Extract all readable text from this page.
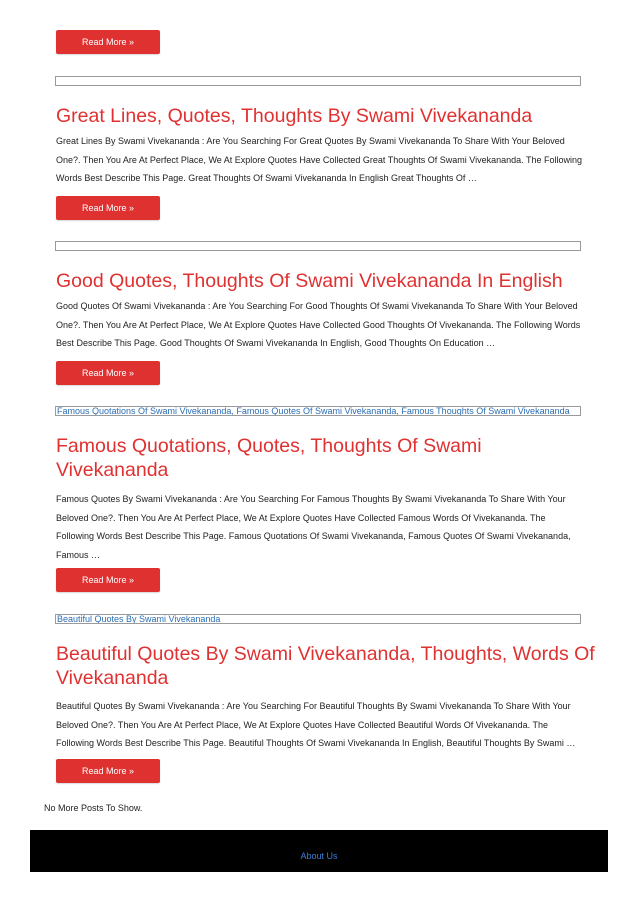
Read More »
Great Lines, Quotes, Thoughts By Swami Vivekananda

Great Lines By Swami Vivekananda : Are You Searching For Great Quotes By Swami Vivekananda To Share With Your Beloved One?. Then You Are At Perfect Place, We At Explore Quotes Have Collected Great Thoughts Of Swami Vivekananda. The Following Words Best Describe This Page. Great Thoughts Of Swami Vivekananda In English Great Thoughts Of …

Read More »
Good Quotes, Thoughts Of Swami Vivekananda In English

Good Quotes Of Swami Vivekananda : Are You Searching For Good Thoughts Of Swami Vivekananda To Share With Your Beloved One?. Then You Are At Perfect Place, We At Explore Quotes Have Collected Good Thoughts Of Vivekananda. The Following Words Best Describe This Page. Good Thoughts Of Swami Vivekananda In English, Good Thoughts On Education …

Read More »
Famous Quotations Of Swami Vivekananda, Famous Quotes Of Swami Vivekananda, Famous Thoughts Of Swami Vivekananda
Famous Quotations, Quotes, Thoughts Of Swami Vivekananda

Famous Quotes By Swami Vivekananda : Are You Searching For Famous Thoughts By Swami Vivekananda To Share With Your Beloved One?. Then You Are At Perfect Place, We At Explore Quotes Have Collected Famous Words Of Vivekananda. The Following Words Best Describe This Page. Famous Quotations Of Swami Vivekananda, Famous Quotes Of Swami Vivekananda, Famous …

Read More »
Beautiful Quotes By Swami Vivekananda
Beautiful Quotes By Swami Vivekananda, Thoughts, Words Of Vivekananda

Beautiful Quotes By Swami Vivekananda : Are You Searching For Beautiful Thoughts By Swami Vivekananda To Share With Your Beloved One?. Then You Are At Perfect Place, We At Explore Quotes Have Collected Beautiful Words Of Vivekananda. The Following Words Best Describe This Page. Beautiful Thoughts Of Swami Vivekananda In English, Beautiful Thoughts By Swami …

Read More »
No More Posts To Show.
About Us
